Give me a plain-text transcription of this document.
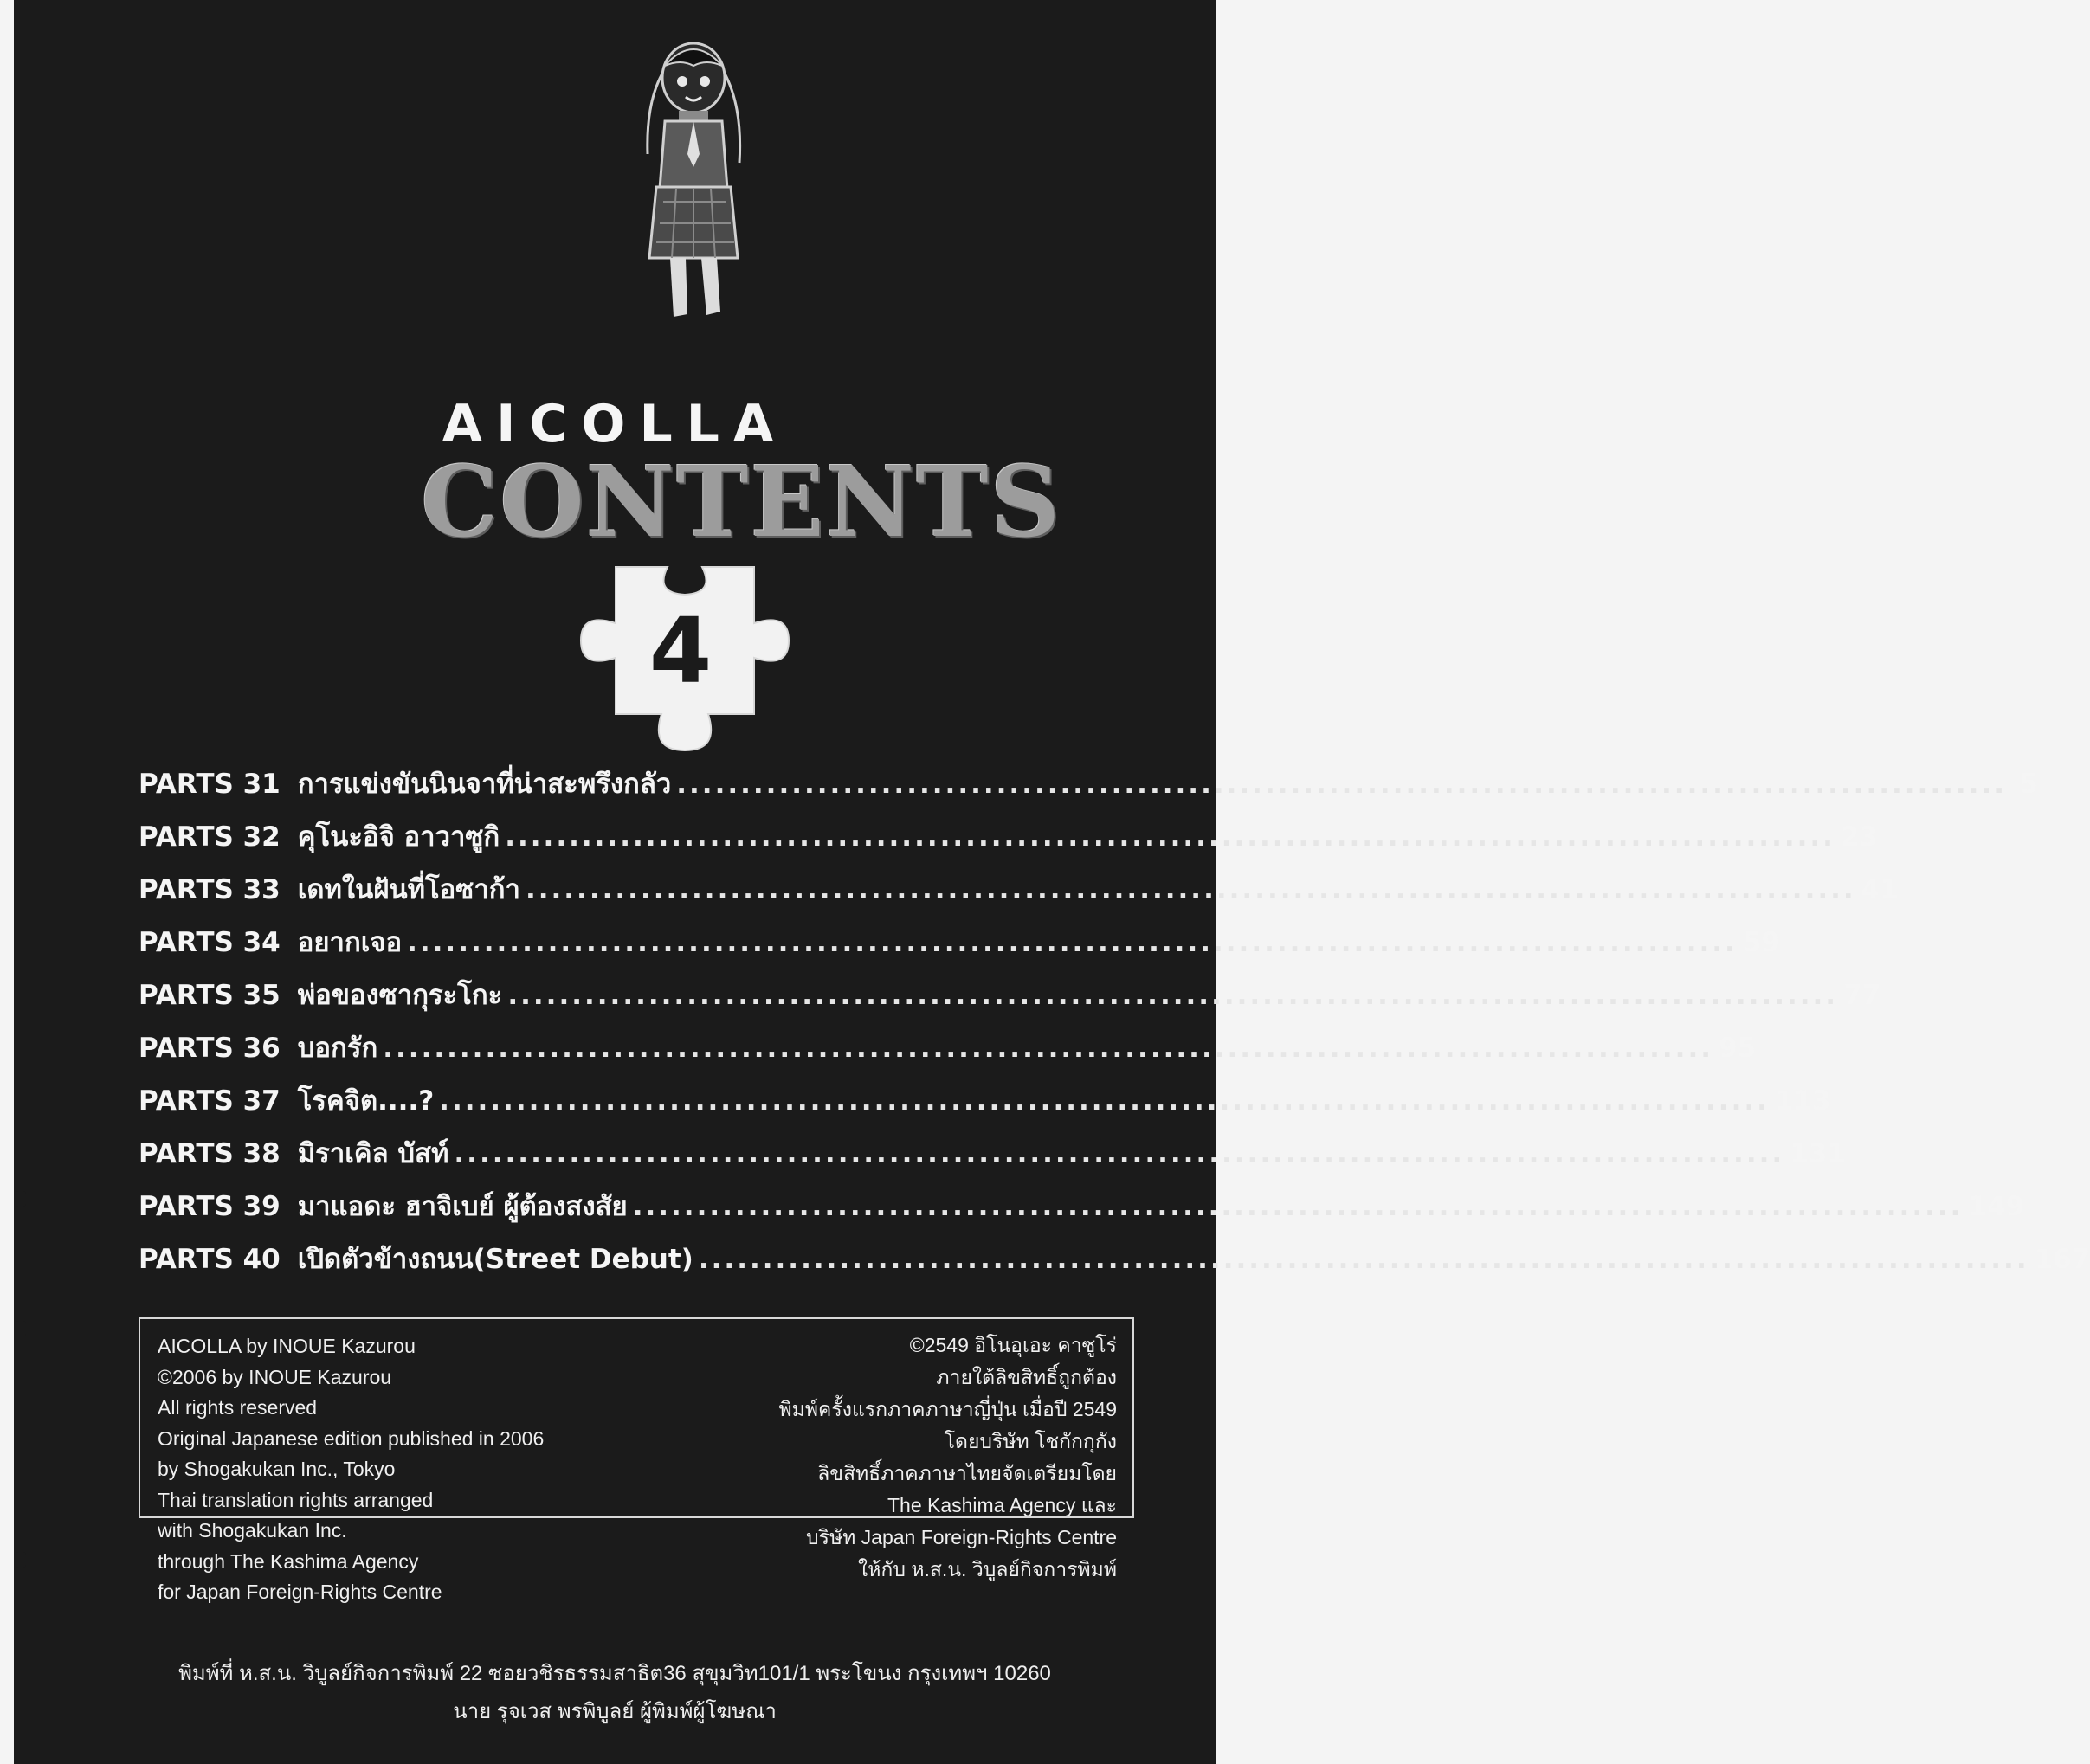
AICOLLA
CONTENTS
4
PARTS 31 การแข่งขันนินจาที่น่าสะพรึงกลัว ........................................................................................................ 5
PARTS 32 คุโนะอิจิ อาวาซูกิ ........................................................................................................ 23
PARTS 33 เดทในฝันที่โอซาก้า ........................................................................................................ 41
PARTS 34 อยากเจอ ........................................................................................................ 59
PARTS 35 พ่อของซากุระโกะ ........................................................................................................ 77
PARTS 36 บอกรัก ........................................................................................................ 95
PARTS 37 โรคจิต....? ........................................................................................................ 113
PARTS 38 มิราเคิล บัสท์ ........................................................................................................ 131
PARTS 39 มาแอดะ ฮาจิเบย์ ผู้ต้องสงสัย ........................................................................................................ 149
PARTS 40 เปิดตัวข้างถนน(Street Debut) ........................................................................................................ 167
AICOLLA by INOUE Kazurou
©2006 by INOUE Kazurou
All rights reserved
Original Japanese edition published in 2006
by Shogakukan Inc., Tokyo
Thai translation rights arranged
with Shogakukan Inc.
through The Kashima Agency
for Japan Foreign-Rights Centre
©2549 อิโนอุเอะ คาซูโร่
ภายใต้ลิขสิทธิ์ถูกต้อง
พิมพ์ครั้งแรกภาคภาษาญี่ปุ่น เมื่อปี 2549
โดยบริษัท โชกักกุกัง
ลิขสิทธิ์ภาคภาษาไทยจัดเตรียมโดย
The Kashima Agency และ
บริษัท Japan Foreign-Rights Centre
ให้กับ ห.ส.น. วิบูลย์กิจการพิมพ์
พิมพ์ที่ ห.ส.น. วิบูลย์กิจการพิมพ์ 22 ซอยวชิรธรรมสาธิต36 สุขุมวิท101/1 พระโขนง กรุงเทพฯ 10260
นาย รุจเวส พรพิบูลย์ ผู้พิมพ์ผู้โฆษณา
